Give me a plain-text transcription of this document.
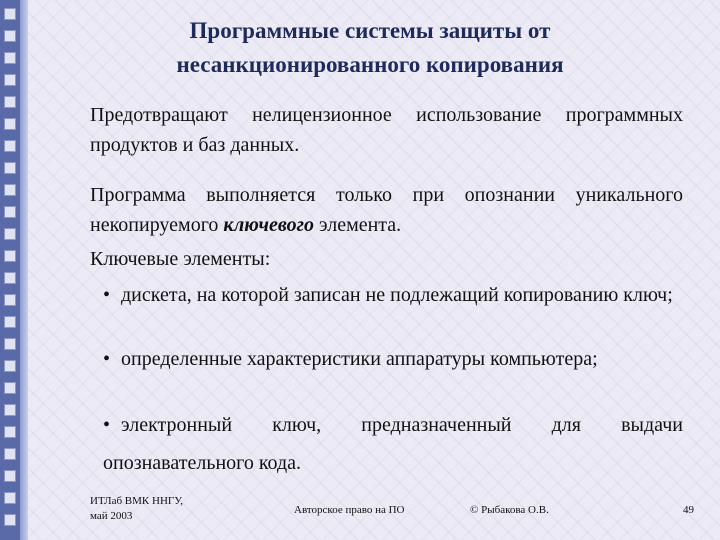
Программные системы защиты от
несанкционированного копирования
Предотвращают нелицензионное использование программных продуктов и баз данных.
Программа выполняется только при опознании уникального некопируемого ключевого элемента.
Ключевые элементы:
• дискета, на которой записан не подлежащий копированию ключ;
• определенные характеристики аппаратуры компьютера;
• электронный ключ, предназначенный для выдачи опознавательного кода.
ИТЛаб ВМК ННГУ,
май 2003	Авторское право на ПО	© Рыбакова О.В.	49
